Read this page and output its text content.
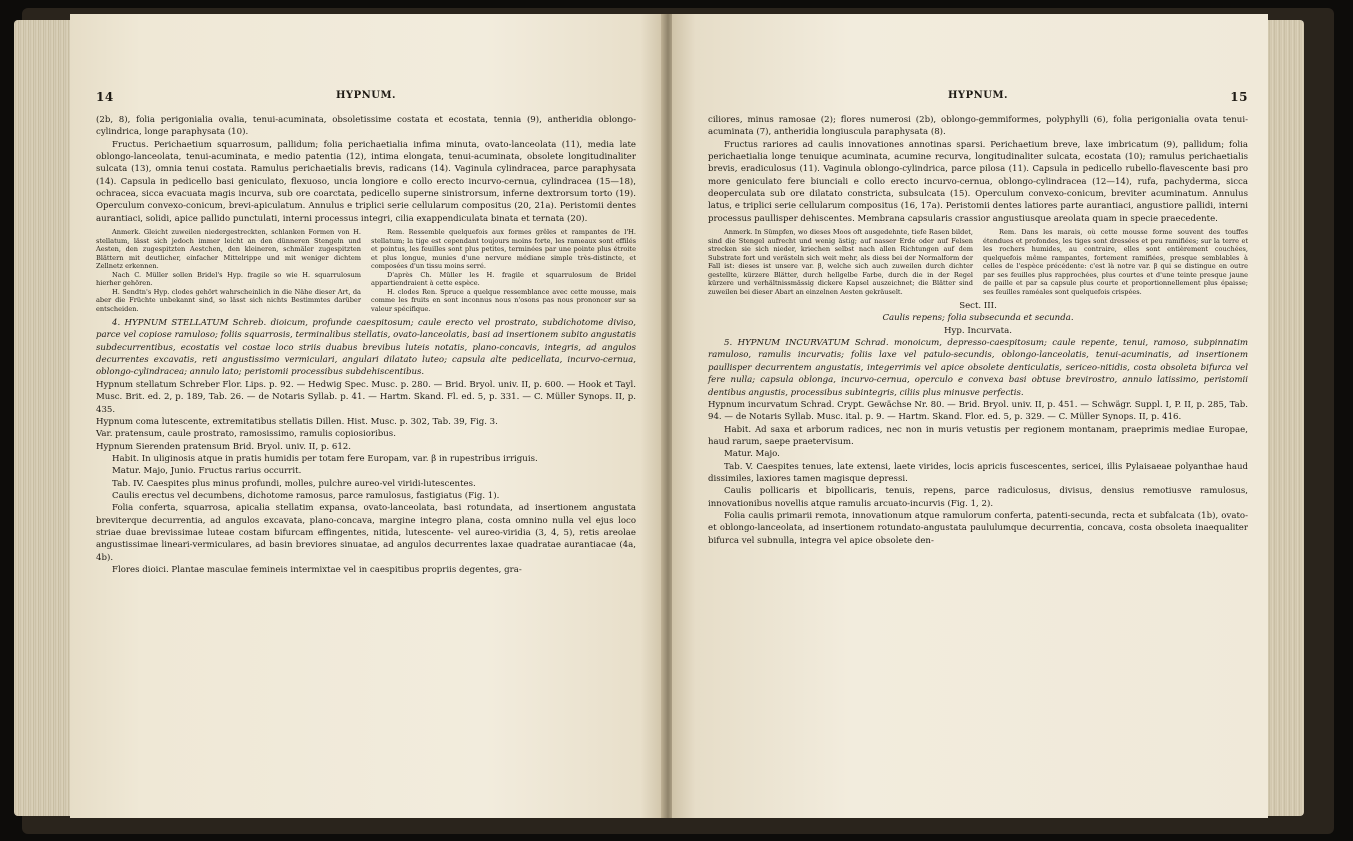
14	HYPNUM.

(2b, 8), folia perigonialia ovalia, tenui-acuminata, obsoletissime costata et ecostata, tennia (9), antheridia oblongo-cylindrica, longe paraphysata (10).

Fructus. Perichaetium squarrosum, pallidum; folia perichaetialia infima minuta, ovato-lanceolata (11), media late oblongo-lanceolata, tenui-acuminata, e medio patentia (12), intima elongata, tenui-acuminata, obsolete longitudinaliter sulcata (13), omnia tenui costata. Ramulus perichaetialis brevis, radicans (14). Vaginula cylindracea, parce paraphysata (14). Capsula in pedicello basi geniculato, flexuoso, uncia longiore e collo erecto incurvo-cernua, cylindracea (15—18), ochracea, sicca evacuata magis incurva, sub ore coarctata, pedicello superne sinistrorsum, inferne dextrorsum torto (19). Operculum convexo-conicum, brevi-apiculatum. Annulus e triplici serie cellularum compositus (20, 21a). Peristomii dentes aurantiaci, solidi, apice pallido punctulati, interni processus integri, cilia exappendiculata binata et ternata (20).

Anmerk. Gleicht zuweilen niedergestreckten, schlanken Formen von H. stellatum, lässt sich jedoch immer leicht an den dünneren Stengeln und Aesten, den zugespitzten Aestchen, den kleineren, schmäler zugespitzten Blättern mit deutlicher, einfacher Mittelrippe und mit weniger dichtem Zellnetz erkennen.

Nach C. Müller sollen Bridel's Hyp. fragile so wie H. squarrulosum hierher gehören.

H. Sendtn's Hyp. clodes gehört wahrscheinlich in die Nähe dieser Art, da aber die Früchte unbekannt sind, so lässt sich nichts Bestimmtes darüber entscheiden.

Rem. Ressemble quelquefois aux formes grêles et rampantes de l'H. stellatum; la tige est cependant toujours moins forte, les rameaux sont effilés et pointus, les feuilles sont plus petites, terminées par une pointe plus étroite et plus longue, munies d'une nervure médiane simple très-distincte, et composées d'un tissu moins serré.

D'après Ch. Müller les H. fragile et squarrulosum de Bridel appartiendraient à cette espèce.

H. clodes Ren. Spruce a quelque ressemblance avec cette mousse, mais comme les fruits en sont inconnus nous n'osons pas nous prononcer sur sa valeur spécifique.

4. HYPNUM STELLATUM Schreb. dioicum, profunde caespitosum; caule erecto vel prostrato, subdichotome diviso, parce vel copiose ramuloso; foliis squarrosis, terminalibus stellatis, ovato-lanceolatis, basi ad insertionem subito angustatis subdecurrentibus, ecostatis vel costae loco striis duabus brevibus luteis notatis, plano-concavis, integris, ad angulos decurrentes excavatis, reti angustissimo vermiculari, angulari dilatato luteo; capsula alte pedicellata, incurvo-cernua, oblongo-cylindracea; annulo lato; peristomii processibus subdehiscentibus.

Hypnum stellatum Schreber Flor. Lips. p. 92. — Hedwig Spec. Musc. p. 280. — Brid. Bryol. univ. II, p. 600. — Hook et Tayl. Musc. Brit. ed. 2, p. 189, Tab. 26. — de Notaris Syllab. p. 41. — Hartm. Skand. Fl. ed. 5, p. 331. — C. Müller Synops. II, p. 435.

Hypnum coma lutescente, extremitatibus stellatis Dillen. Hist. Musc. p. 302, Tab. 39, Fig. 3.

Var. pratensum, caule prostrato, ramosissimo, ramulis copiosioribus.

Hypnum Sierenden pratensum Brid. Bryol. univ. II, p. 612.

Habit. In uliginosis atque in pratis humidis per totam fere Europam, var. β in rupestribus irriguis.

Matur. Majo, Junio. Fructus rarius occurrit.

Tab. IV. Caespites plus minus profundi, molles, pulchre aureo-vel viridi-lutescentes.

Caulis erectus vel decumbens, dichotome ramosus, parce ramulosus, fastigiatus (Fig. 1).

Folia conferta, squarrosa, apicalia stellatim expansa, ovato-lanceolata, basi rotundata, ad insertionem angustata breviterque decurrentia, ad angulos excavata, plano-concava, margine integro plana, costa omnino nulla vel ejus loco striae duae brevissimae luteae costam bifurcam effingentes, nitida, lutescente- vel aureo-viridia (3, 4, 5), retis areolae angustissimae lineari-vermiculares, ad basin breviores sinuatae, ad angulos decurrentes laxae quadratae aurantiacae (4a, 4b).

Flores dioici. Plantae masculae femineis intermixtae vel in caespitibus propriis degentes, gra-

HYPNUM.	15

ciliores, minus ramosae (2); flores numerosi (2b), oblongo-gemmiformes, polyphylli (6), folia perigonialia ovata tenui-acuminata (7), antheridia longiuscula paraphysata (8).

Fructus rariores ad caulis innovationes annotinas sparsi. Perichaetium breve, laxe imbricatum (9), pallidum; folia perichaetialia longe tenuique acuminata, acumine recurva, longitudinaliter sulcata, ecostata (10); ramulus perichaetialis brevis, eradiculosus (11). Vaginula oblongo-cylindrica, parce pilosa (11). Capsula in pedicello rubello-flavescente basi pro more geniculato fere biunciali e collo erecto incurvo-cernua, oblongo-cylindracea (12—14), rufa, pachyderma, sicca deoperculata sub ore dilatato constricta, subsulcata (15). Operculum convexo-conicum, breviter acuminatum. Annulus latus, e triplici serie cellularum compositus (16, 17a). Peristomii dentes latiores parte aurantiaci, angustiore pallidi, interni processus paullisper dehiscentes. Membrana capsularis crassior angustiusque areolata quam in specie praecedente.

Anmerk. In Sümpfen, wo dieses Moos oft ausgedehnte, tiefe Rasen bildet, sind die Stengel aufrecht und wenig ästig; auf nasser Erde oder auf Felsen strecken sie sich nieder, kriechen selbst nach allen Richtungen auf dem Substrate fort und verästeln sich weit mehr, als diess bei der Normalform der Fall ist: dieses ist unsere var. β, welche sich auch zuweilen durch dichter gestellte, kürzere Blätter, durch hellgelbe Farbe, durch die in der Regel kürzere und verhältnissmässig dickere Kapsel auszeichnet; die Blätter sind zuweilen bei dieser Abart an einzelnen Aesten gekräuselt.

Rem. Dans les marais, où cette mousse forme souvent des touffes étendues et profondes, les tiges sont dressées et peu ramifiées; sur la terre et les rochers humides, au contraire, elles sont entièrement couchées, quelquefois même rampantes, fortement ramifiées, presque semblables à celles de l'espèce précédente: c'est là notre var. β qui se distingue en outre par ses feuilles plus rapprochées, plus courtes et d'une teinte presque jaune de paille et par sa capsule plus courte et proportionnellement plus épaisse; ses feuilles raméales sont quelquefois crispées.

Sect. III.

Caulis repens; folia subsecunda et secunda.

Hyp. Incurvata.

5. HYPNUM INCURVATUM Schrad. monoicum, depresso-caespitosum; caule repente, tenui, ramoso, subpinnatim ramuloso, ramulis incurvatis; foliis laxe vel patulo-secundis, oblongo-lanceolatis, tenui-acuminatis, ad insertionem paullisper decurrentem angustatis, integerrimis vel apice obsolete denticulatis, sericeo-nitidis, costa obsoleta bifurca vel fere nulla; capsula oblonga, incurvo-cernua, operculo e convexa basi obtuse brevirostro, annulo latissimo, peristomii dentibus angustis, processibus subintegris, ciliis plus minusve perfectis.

Hypnum incurvatum Schrad. Crypt. Gewächse Nr. 80. — Brid. Bryol. univ. II, p. 451. — Schwägr. Suppl. I, P. II, p. 285, Tab. 94. — de Notaris Syllab. Musc. ital. p. 9. — Hartm. Skand. Flor. ed. 5, p. 329. — C. Müller Synops. II, p. 416.

Habit. Ad saxa et arborum radices, nec non in muris vetustis per regionem montanam, praeprimis mediae Europae, haud rarum, saepe praetervisum.

Matur. Majo.

Tab. V. Caespites tenues, late extensi, laete virides, locis apricis fuscescentes, sericei, illis Pylaisaeae polyanthae haud dissimiles, laxiores tamen magisque depressi.

Caulis pollicaris et bipollicaris, tenuis, repens, parce radiculosus, divisus, densius remotiusve ramulosus, innovationibus novellis atque ramulis arcuato-incurvis (Fig. 1, 2).

Folia caulis primarii remota, innovationum atque ramulorum conferta, patenti-secunda, recta et subfalcata (1b), ovato- et oblongo-lanceolata, ad insertionem rotundato-angustata paululumque decurrentia, concava, costa obsoleta inaequaliter bifurca vel subnulla, integra vel apice obsolete den-
